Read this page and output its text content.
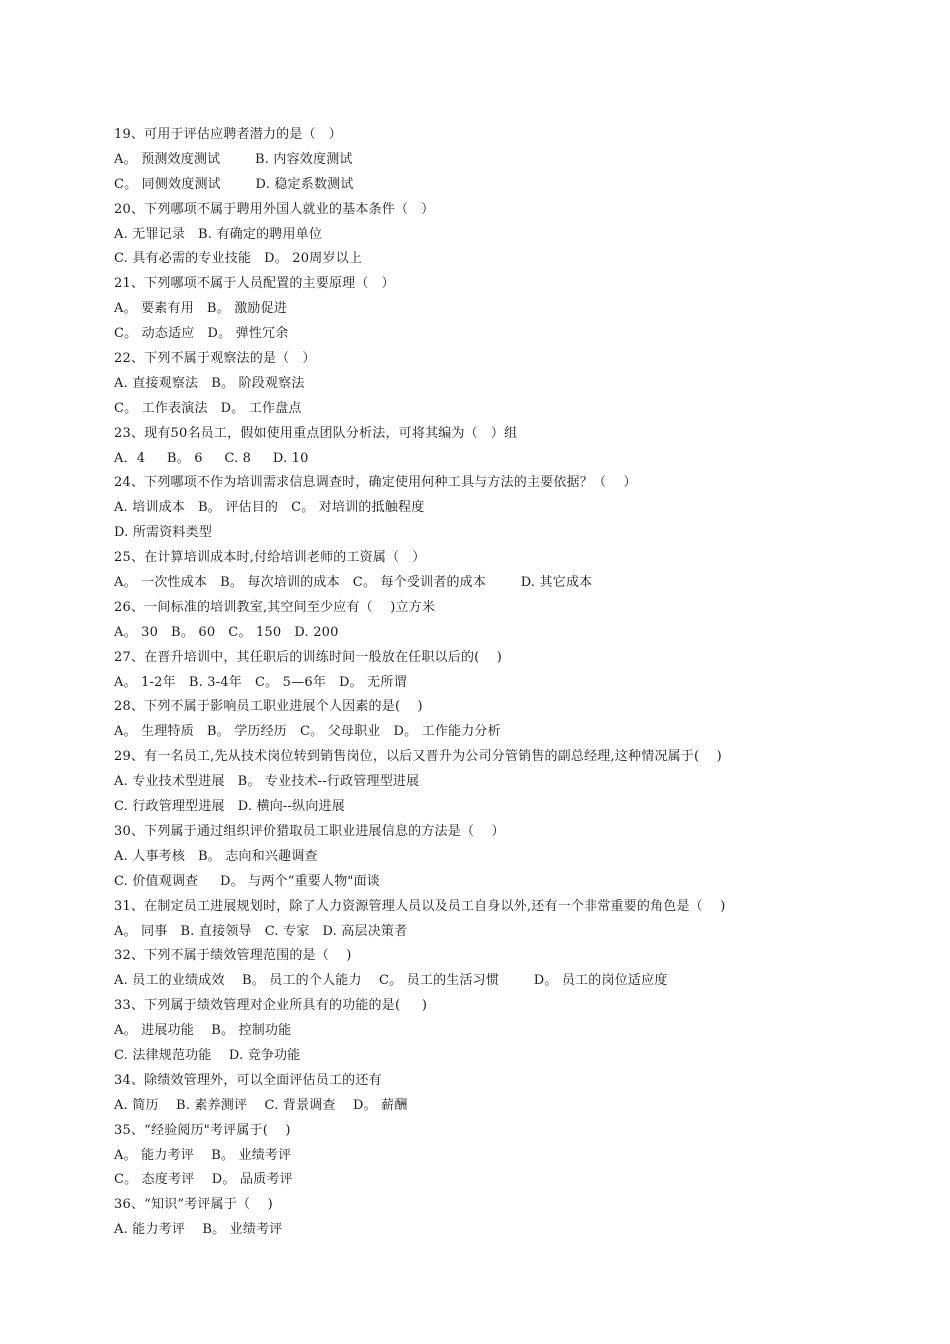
19、可用于评估应聘者潜力的是（   ）
A。 预测效度测试        B. 内容效度测试
C。 同侧效度测试        D. 稳定系数测试
20、下列哪项不属于聘用外国人就业的基本条件（   ）
A. 无罪记录   B. 有确定的聘用单位
C. 具有必需的专业技能   D。 20周岁以上
21、下列哪项不属于人员配置的主要原理（   ）
A。 要素有用   B。 激励促进
C。 动态适应   D。 弹性冗余
22、下列不属于观察法的是（   ）
A. 直接观察法   B。 阶段观察法
C。 工作表演法   D。 工作盘点
23、现有50名员工，假如使用重点团队分析法，可将其编为（   ）组
A．4     B。 6     C. 8     D. 10
24、下列哪项不作为培训需求信息调查时，确定使用何种工具与方法的主要依据？（    ）
A. 培训成本   B。 评估目的   C。 对培训的抵触程度
D. 所需资料类型
25、在计算培训成本时,付给培训老师的工资属（   ）
A。 一次性成本   B。 每次培训的成本   C。 每个受训者的成本        D. 其它成本
26、一间标准的培训教室,其空间至少应有（    )立方米
A。 30   B。 60   C。 150   D. 200
27、在晋升培训中，其任职后的训练时间一般放在任职以后的(    )
A。 1-2年   B. 3-4年   C。 5—6年   D。 无所谓
28、下列不属于影响员工职业进展个人因素的是(    )
A。 生理特质   B。 学历经历   C。 父母职业   D。 工作能力分析
29、有一名员工,先从技术岗位转到销售岗位，以后又晋升为公司分管销售的副总经理,这种情况属于(    )
A. 专业技术型进展   B。 专业技术--行政管理型进展
C. 行政管理型进展   D. 横向--纵向进展
30、下列属于通过组织评价猎取员工职业进展信息的方法是（    ）
A. 人事考核   B。 志向和兴趣调查
C. 价值观调查     D。 与两个“重要人物"面谈
31、在制定员工进展规划时，除了人力资源管理人员以及员工自身以外,还有一个非常重要的角色是（    )
A。 同事   B. 直接领导   C. 专家   D. 高层决策者
32、下列不属于绩效管理范围的是（    )
A. 员工的业绩成效    B。 员工的个人能力    C。 员工的生活习惯        D。 员工的岗位适应度
33、下列属于绩效管理对企业所具有的功能的是(     )
A。 进展功能    B。 控制功能
C. 法律规范功能    D. 竞争功能
34、除绩效管理外，可以全面评估员工的还有
A. 简历    B. 素养测评    C. 背景调查    D。 薪酬
35、“经验阅历"考评属于(    )
A。 能力考评    B。 业绩考评
C。 态度考评    D。 品质考评
36、“知识”考评属于（    )
A. 能力考评    B。 业绩考评
